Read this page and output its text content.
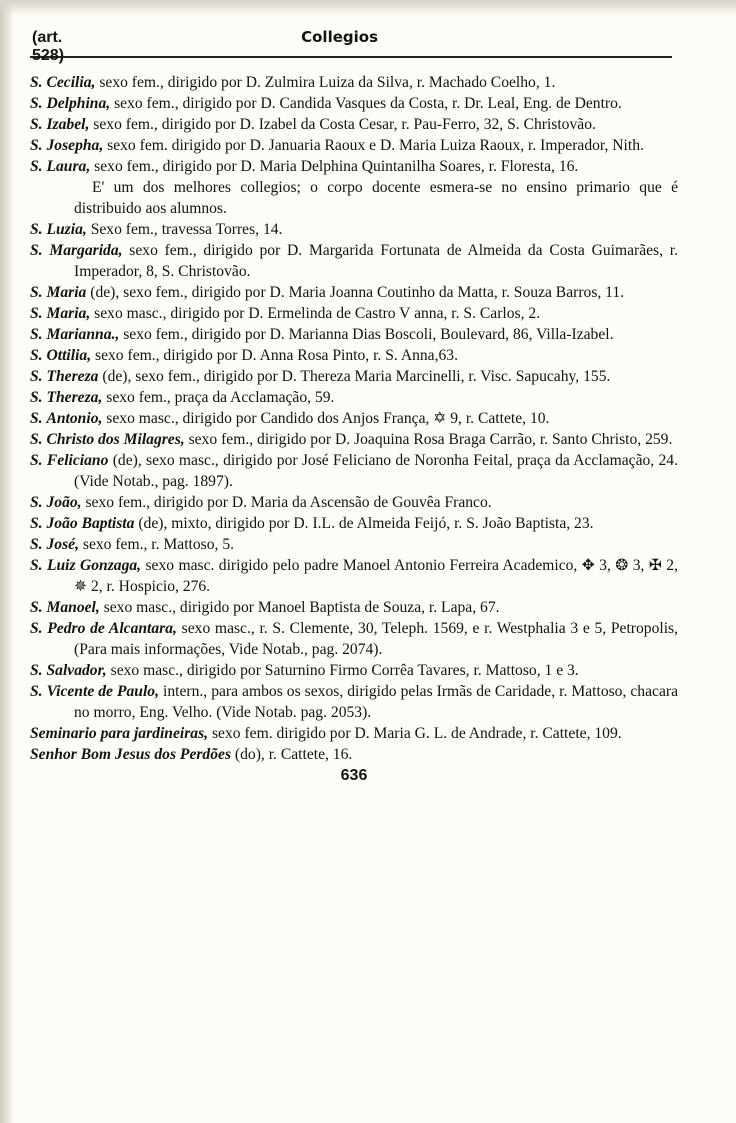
(art. 528)
Collegios

S. Cecilia, sexo fem., dirigido por D. Zulmira Luiza da Silva, r. Machado Coelho, 1.

S. Delphina, sexo fem., dirigido por D. Candida Vasques da Costa, r. Dr. Leal, Eng. de Dentro.

S. Izabel, sexo fem., dirigido por D. Izabel da Costa Cesar, r. Pau-Ferro, 32, S. Christovão.

S. Josepha, sexo fem. dirigido por D. Januaria Raoux e D. Maria Luiza Raoux, r. Imperador, Nith.

S. Laura, sexo fem., dirigido por D. Maria Delphina Quintanilha Soares, r. Floresta, 16.
E' um dos melhores collegios; o corpo docente esmera-se no ensino primario que é distribuido aos alumnos.

S. Luzia, Sexo fem., travessa Torres, 14.

S. Margarida, sexo fem., dirigido por D. Margarida Fortunata de Almeida da Costa Guimarães, r. Imperador, 8, S. Christovão.

S. Maria (de), sexo fem., dirigido por D. Maria Joanna Coutinho da Matta, r. Souza Barros, 11.

S. Maria, sexo masc., dirigido por D. Ermelinda de Castro V anna, r. S. Carlos, 2.

S. Marianna., sexo fem., dirigido por D. Marianna Dias Boscoli, Boulevard, 86, Villa-Izabel.

S. Ottilia, sexo fem., dirigido por D. Anna Rosa Pinto, r. S. Anna,63.

S. Thereza (de), sexo fem., dirigido por D. Thereza Maria Marcinelli, r. Visc. Sapucahy, 155.

S. Thereza, sexo fem., praça da Acclamação, 59.

S. Antonio, sexo masc., dirigido por Candido dos Anjos França, ✡ 9, r. Cattete, 10.

S. Christo dos Milagres, sexo fem., dirigido por D. Joaquina Rosa Braga Carrão, r. Santo Christo, 259.

S. Feliciano (de), sexo masc., dirigido por José Feliciano de Noronha Feital, praça da Acclamação, 24. (Vide Notab., pag. 1897).

S. João, sexo fem., dirigido por D. Maria da Ascensão de Gouvêa Franco.

S. João Baptista (de), mixto, dirigido por D. I.L. de Almeida Feijó, r. S. João Baptista, 23.

S. José, sexo fem., r. Mattoso, 5.

S. Luiz Gonzaga, sexo masc. dirigido pelo padre Manoel Antonio Ferreira Academico, ✥ 3, ❂ 3, ✠ 2, ✵ 2, r. Hospicio, 276.

S. Manoel, sexo masc., dirigido por Manoel Baptista de Souza, r. Lapa, 67.

S. Pedro de Alcantara, sexo masc., r. S. Clemente, 30, Teleph. 1569, e r. Westphalia 3 e 5, Petropolis, (Para mais informações, Vide Notab., pag. 2074).

S. Salvador, sexo masc., dirigido por Saturnino Firmo Corrêa Tavares, r. Mattoso, 1 e 3.

S. Vicente de Paulo, intern., para ambos os sexos, dirigido pelas Irmãs de Caridade, r. Mattoso, chacara no morro, Eng. Velho. (Vide Notab. pag. 2053).

Seminario para jardineiras, sexo fem. dirigido por D. Maria G. L. de Andrade, r. Cattete, 109.

Senhor Bom Jesus dos Perdões (do), r. Cattete, 16.

636
